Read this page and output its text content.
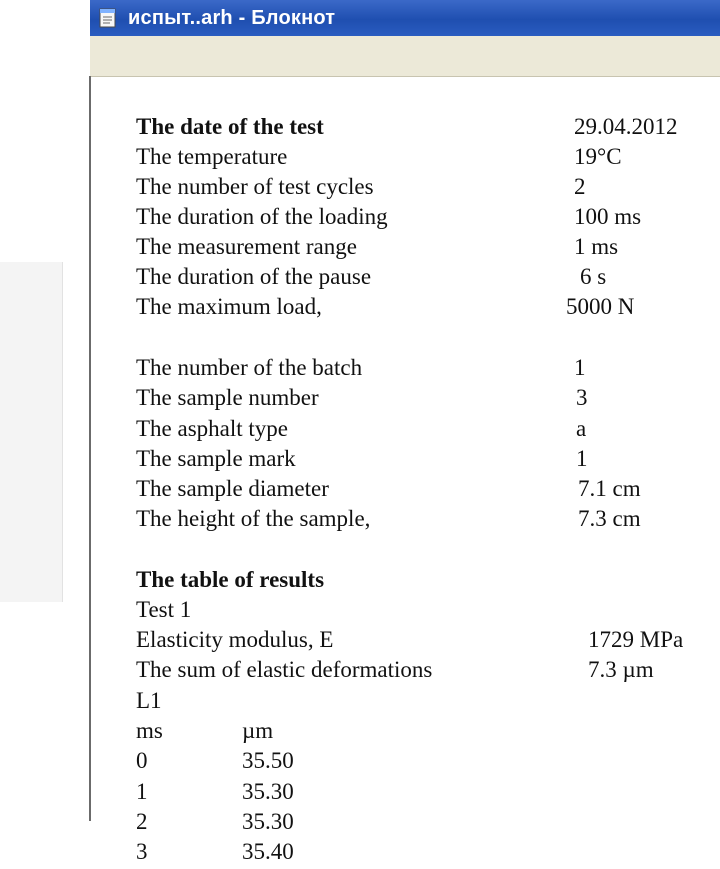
испыт..arh - Блокнот
The date of the test	29.04.2012
The temperature	19°C
The number of test cycles	2
The duration of the loading	100 ms
The measurement range	1 ms
The duration of the pause	6 s
The maximum load,	5000 N
The number of the batch	1
The sample number	3
The asphalt type	a
The sample mark	1
The sample diameter	7.1 cm
The height of the sample,	7.3 cm
The table of results
Test 1
Elasticity modulus, E	1729 MPa
The sum of elastic deformations	7.3 µm
L1
ms	µm
0	35.50
1	35.30
2	35.30
3	35.40
